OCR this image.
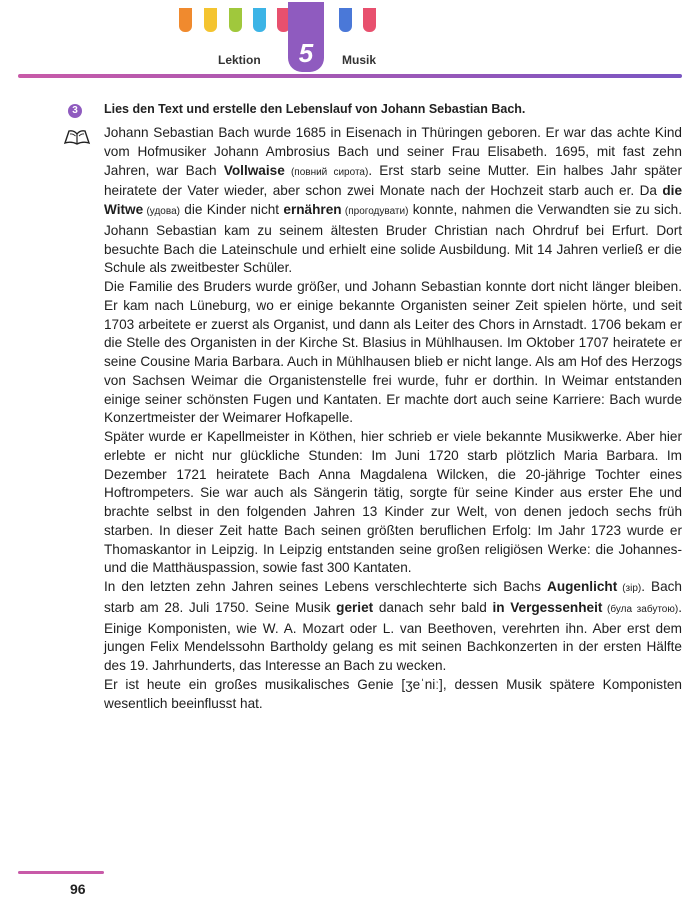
5
Lektion	Musik
3	Lies den Text und erstelle den Lebenslauf von Johann Sebastian Bach.

Johann Sebastian Bach wurde 1685 in Eisenach in Thüringen geboren. Er war das achte Kind vom Hofmusiker Johann Ambrosius Bach und seiner Frau Elisabeth. 1695, mit fast zehn Jahren, war Bach Vollwaise (повний сирота). Erst starb seine Mutter. Ein halbes Jahr später heiratete der Vater wieder, aber schon zwei Monate nach der Hochzeit starb auch er. Da die Witwe (удова) die Kinder nicht ernähren (прогодувати) konnte, nahmen die Verwandten sie zu sich. Johann Sebastian kam zu seinem ältesten Bruder Christian nach Ohrdruf bei Erfurt. Dort besuchte Bach die Lateinschule und erhielt eine solide Ausbildung. Mit 14 Jahren verließ er die Schule als zweitbester Schüler.

Die Familie des Bruders wurde größer, und Johann Sebastian konnte dort nicht länger bleiben. Er kam nach Lüneburg, wo er einige bekannte Organisten seiner Zeit spielen hörte, und seit 1703 arbeitete er zuerst als Organist, und dann als Leiter des Chors in Arnstadt. 1706 bekam er die Stelle des Organisten in der Kirche St. Blasius in Mühlhausen. Im Oktober 1707 heiratete er seine Cousine Maria Barbara. Auch in Mühlhausen blieb er nicht lange. Als am Hof des Herzogs von Sachsen Weimar die Organistenstelle frei wurde, fuhr er dorthin. In Weimar entstanden einige seiner schönsten Fugen und Kantaten. Er machte dort auch seine Karriere: Bach wurde Konzertmeister der Weimarer Hofkapelle.

Später wurde er Kapellmeister in Köthen, hier schrieb er viele bekannte Musikwerke. Aber hier erlebte er nicht nur glückliche Stunden: Im Juni 1720 starb plötzlich Maria Barbara. Im Dezember 1721 heiratete Bach Anna Magdalena Wilcken, die 20-jährige Tochter eines Hoftrompeters. Sie war auch als Sängerin tätig, sorgte für seine Kinder aus erster Ehe und brachte selbst in den folgenden Jahren 13 Kinder zur Welt, von denen jedoch sechs früh starben. In dieser Zeit hatte Bach seinen größten beruflichen Erfolg: Im Jahr 1723 wurde er Thomaskantor in Leipzig. In Leipzig entstanden seine großen religiösen Werke: die Johannes- und die Matthäuspassion, sowie fast 300 Kantaten.

In den letzten zehn Jahren seines Lebens verschlechterte sich Bachs Augenlicht (зір). Bach starb am 28. Juli 1750. Seine Musik geriet danach sehr bald in Vergessenheit (була забутою). Einige Komponisten, wie W. A. Mozart oder L. van Beethoven, verehrten ihn. Aber erst dem jungen Felix Mendelssohn Bartholdy gelang es mit seinen Bachkonzerten in der ersten Hälfte des 19. Jahrhunderts, das Interesse an Bach zu wecken.

Er ist heute ein großes musikalisches Genie [ʒeˈniː], dessen Musik spätere Komponisten wesentlich beeinflusst hat.

96
